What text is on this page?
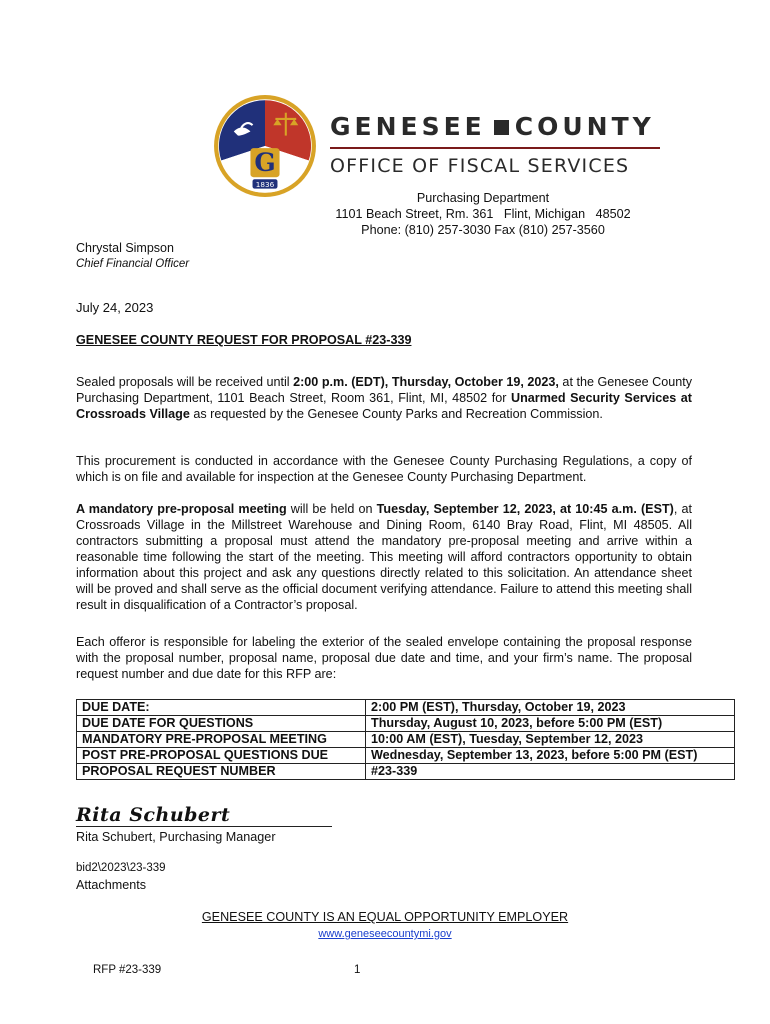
G
1836
GENESEE COUNTY
OFFICE OF FISCAL SERVICES
Purchasing Department
1101 Beach Street, Rm. 361   Flint, Michigan   48502
Phone: (810) 257-3030 Fax (810) 257-3560
Chrystal Simpson
Chief Financial Officer
July 24, 2023
GENESEE COUNTY REQUEST FOR PROPOSAL #23-339
Sealed proposals will be received until 2:00 p.m. (EDT), Thursday, October 19, 2023, at the Genesee County Purchasing Department, 1101 Beach Street, Room 361, Flint, MI, 48502 for Unarmed Security Services at Crossroads Village as requested by the Genesee County Parks and Recreation Commission.
This procurement is conducted in accordance with the Genesee County Purchasing Regulations, a copy of which is on file and available for inspection at the Genesee County Purchasing Department.
A mandatory pre-proposal meeting will be held on Tuesday, September 12, 2023, at 10:45 a.m. (EST), at Crossroads Village in the Millstreet Warehouse and Dining Room, 6140 Bray Road, Flint, MI 48505. All contractors submitting a proposal must attend the mandatory pre-proposal meeting and arrive within a reasonable time following the start of the meeting. This meeting will afford contractors opportunity to obtain information about this project and ask any questions directly related to this solicitation. An attendance sheet will be proved and shall serve as the official document verifying attendance. Failure to attend this meeting shall result in disqualification of a Contractor’s proposal.
Each offeror is responsible for labeling the exterior of the sealed envelope containing the proposal response with the proposal number, proposal name, proposal due date and time, and your firm’s name. The proposal request number and due date for this RFP are:
DUE DATE:	2:00 PM (EST), Thursday, October 19, 2023
DUE DATE FOR QUESTIONS	Thursday, August 10, 2023, before 5:00 PM (EST)
MANDATORY PRE-PROPOSAL MEETING	10:00 AM (EST), Tuesday, September 12, 2023
POST PRE-PROPOSAL QUESTIONS DUE	Wednesday, September 13, 2023, before 5:00 PM (EST)
PROPOSAL REQUEST NUMBER	#23-339
Rita Schubert
Rita Schubert, Purchasing Manager
bid2\2023\23-339
Attachments
GENESEE COUNTY IS AN EQUAL OPPORTUNITY EMPLOYER
www.geneseecountymi.gov
RFP #23-339	1
